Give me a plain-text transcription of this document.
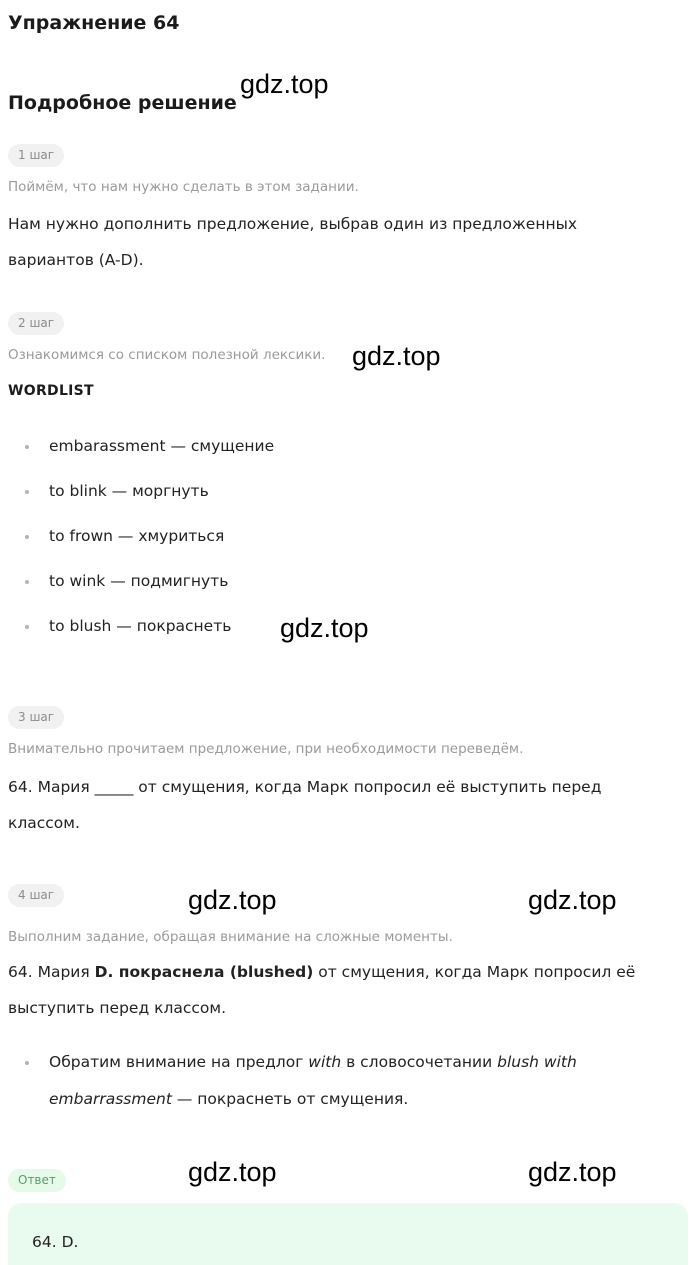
Упражнение 64
Подробное решение
1 шаг
Поймём, что нам нужно сделать в этом задании.
Нам нужно дополнить предложение, выбрав один из предложенных
вариантов (A-D).
2 шаг
Ознакомимся со списком полезной лексики.
WORDLIST
embarassment — смущение
to blink — моргнуть
to frown — хмуриться
to wink — подмигнуть
to blush — покраснеть
3 шаг
Внимательно прочитаем предложение, при необходимости переведём.
64. Мария _____ от смущения, когда Марк попросил её выступить перед
классом.
4 шаг
Выполним задание, обращая внимание на сложные моменты.
64. Мария D. покраснела (blushed) от смущения, когда Марк попросил её
выступить перед классом.
Обратим внимание на предлог with в словосочетании blush with
embarrassment — покраснеть от смущения.
Ответ
64. D.
gdz.top
gdz.top
gdz.top
gdz.top	gdz.top
gdz.top	gdz.top
